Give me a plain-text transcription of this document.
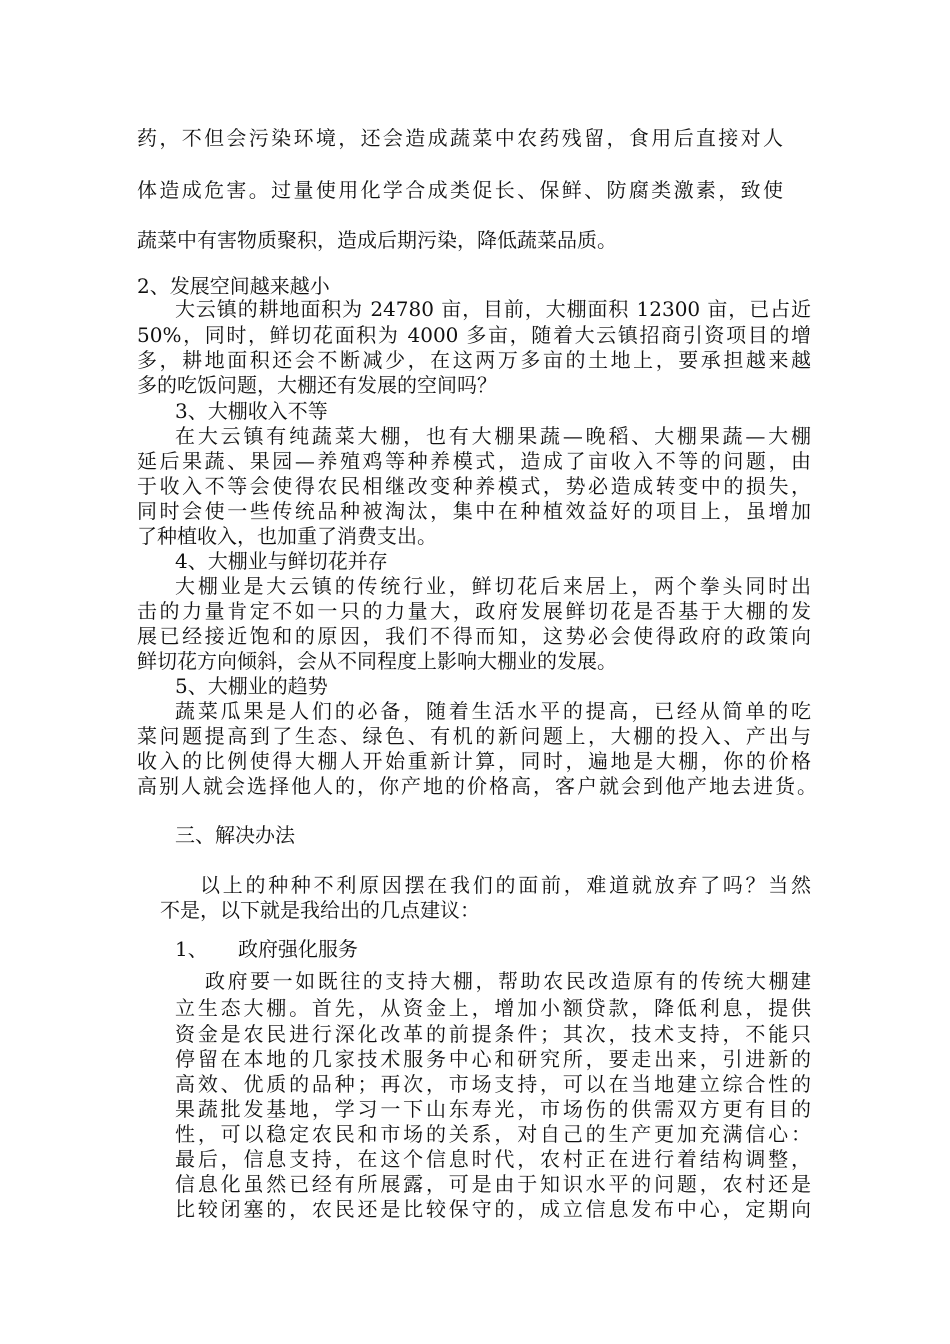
药，不但会污染环境，还会造成蔬菜中农药残留，食用后直接对人
体造成危害。过量使用化学合成类促长、保鲜、防腐类激素，致使
蔬菜中有害物质聚积，造成后期污染，降低蔬菜品质。
2、发展空间越来越小
大云镇的耕地面积为 24780 亩，目前，大棚面积 12300 亩，已占近
50%，同时，鲜切花面积为 4000 多亩，随着大云镇招商引资项目的增
多，耕地面积还会不断减少，在这两万多亩的土地上，要承担越来越
多的吃饭问题，大棚还有发展的空间吗？
3、大棚收入不等
在大云镇有纯蔬菜大棚，也有大棚果蔬—晚稻、大棚果蔬—大棚
延后果蔬、果园—养殖鸡等种养模式，造成了亩收入不等的问题，由
于收入不等会使得农民相继改变种养模式，势必造成转变中的损失，
同时会使一些传统品种被淘汰，集中在种植效益好的项目上，虽增加
了种植收入，也加重了消费支出。
4、大棚业与鲜切花并存
大棚业是大云镇的传统行业，鲜切花后来居上，两个拳头同时出
击的力量肯定不如一只的力量大，政府发展鲜切花是否基于大棚的发
展已经接近饱和的原因，我们不得而知，这势必会使得政府的政策向
鲜切花方向倾斜，会从不同程度上影响大棚业的发展。
5、大棚业的趋势
蔬菜瓜果是人们的必备，随着生活水平的提高，已经从简单的吃
菜问题提高到了生态、绿色、有机的新问题上，大棚的投入、产出与
收入的比例使得大棚人开始重新计算，同时，遍地是大棚，你的价格
高别人就会选择他人的，你产地的价格高，客户就会到他产地去进货。
三、解决办法
以上的种种不利原因摆在我们的面前，难道就放弃了吗？当然
不是，以下就是我给出的几点建议：
1、 政府强化服务
政府要一如既往的支持大棚，帮助农民改造原有的传统大棚建
立生态大棚。首先，从资金上，增加小额贷款，降低利息，提供
资金是农民进行深化改革的前提条件；其次，技术支持，不能只
停留在本地的几家技术服务中心和研究所，要走出来，引进新的
高效、优质的品种；再次，市场支持，可以在当地建立综合性的
果蔬批发基地，学习一下山东寿光，市场伤的供需双方更有目的
性，可以稳定农民和市场的关系，对自己的生产更加充满信心：
最后，信息支持，在这个信息时代，农村正在进行着结构调整，
信息化虽然已经有所展露，可是由于知识水平的问题，农村还是
比较闭塞的，农民还是比较保守的，成立信息发布中心，定期向
